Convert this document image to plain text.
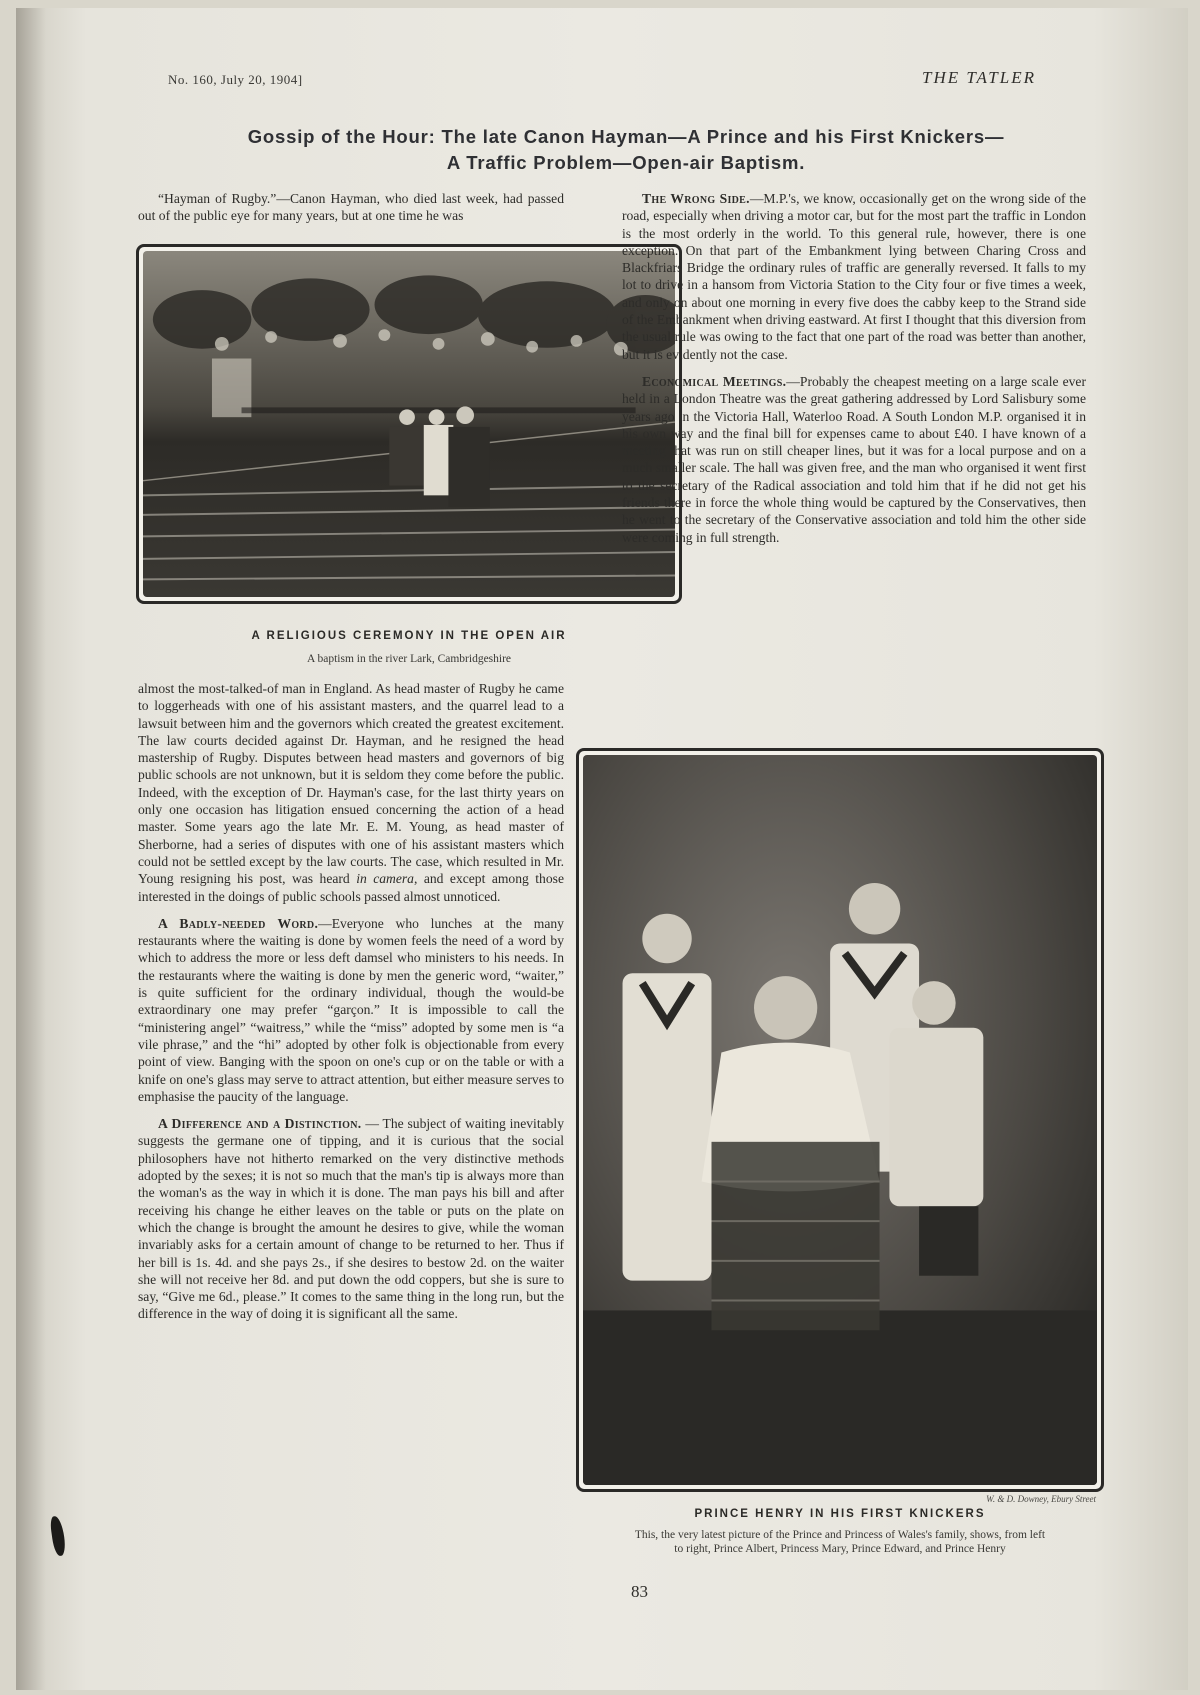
No. 160, July 20, 1904]	THE TATLER
Gossip of the Hour: The late Canon Hayman—A Prince and his First Knickers—
A Traffic Problem—Open-air Baptism.

“Hayman of Rugby.”—Canon Hayman, who died last week, had passed out of the public eye for many years, but at one time he was

A RELIGIOUS CEREMONY IN THE OPEN AIR
A baptism in the river Lark, Cambridgeshire

almost the most-talked-of man in England. As head master of Rugby he came to loggerheads with one of his assistant masters, and the quarrel lead to a lawsuit between him and the governors which created the greatest excitement. The law courts decided against Dr. Hayman, and he resigned the head mastership of Rugby. Disputes between head masters and governors of big public schools are not unknown, but it is seldom they come before the public. Indeed, with the exception of Dr. Hayman's case, for the last thirty years on only one occasion has litigation ensued concerning the action of a head master. Some years ago the late Mr. E. M. Young, as head master of Sherborne, had a series of disputes with one of his assistant masters which could not be settled except by the law courts. The case, which resulted in Mr. Young resigning his post, was heard in camera, and except among those interested in the doings of public schools passed almost unnoticed.

A Badly-needed Word.—Everyone who lunches at the many restaurants where the waiting is done by women feels the need of a word by which to address the more or less deft damsel who ministers to his needs. In the restaurants where the waiting is done by men the generic word, “waiter,” is quite sufficient for the ordinary individual, though the would-be extraordinary one may prefer “garçon.” It is impossible to call the “ministering angel” “waitress,” while the “miss” adopted by some men is “a vile phrase,” and the “hi” adopted by other folk is objectionable from every point of view. Banging with the spoon on one's cup or on the table or with a knife on one's glass may serve to attract attention, but either measure serves to emphasise the paucity of the language.

A Difference and a Distinction. — The subject of waiting inevitably suggests the germane one of tipping, and it is curious that the social philosophers have not hitherto remarked on the very distinctive methods adopted by the sexes; it is not so much that the man's tip is always more than the woman's as the way in which it is done. The man pays his bill and after receiving his change he either leaves on the table or puts on the plate on which the change is brought the amount he desires to give, while the woman invariably asks for a certain amount of change to be returned to her. Thus if her bill is 1s. 4d. and she pays 2s., if she desires to bestow 2d. on the waiter she will not receive her 8d. and put down the odd coppers, but she is sure to say, “Give me 6d., please.” It comes to the same thing in the long run, but the difference in the way of doing it is significant all the same.

The Wrong Side.—M.P.'s, we know, occasionally get on the wrong side of the road, especially when driving a motor car, but for the most part the traffic in London is the most orderly in the world. To this general rule, however, there is one exception. On that part of the Embankment lying between Charing Cross and Blackfriars Bridge the ordinary rules of traffic are generally reversed. It falls to my lot to drive in a hansom from Victoria Station to the City four or five times a week, and only on about one morning in every five does the cabby keep to the Strand side of the Embankment when driving eastward. At first I thought that this diversion from the usual rule was owing to the fact that one part of the road was better than another, but it is evidently not the case.

Economical Meetings.—Probably the cheapest meeting on a large scale ever held in a London Theatre was the great gathering addressed by Lord Salisbury some years ago in the Victoria Hall, Waterloo Road. A South London M.P. organised it in his own way and the final bill for expenses came to about £40. I have known of a meeting that was run on still cheaper lines, but it was for a local purpose and on a much smaller scale. The hall was given free, and the man who organised it went first to the secretary of the Radical association and told him that if he did not get his friends there in force the whole thing would be captured by the Conservatives, then he went to the secretary of the Conservative association and told him the other side were coming in full strength.

W. & D. Downey, Ebury Street
PRINCE HENRY IN HIS FIRST KNICKERS
This, the very latest picture of the Prince and Princess of Wales's family, shows, from left
to right, Prince Albert, Princess Mary, Prince Edward, and Prince Henry
83
